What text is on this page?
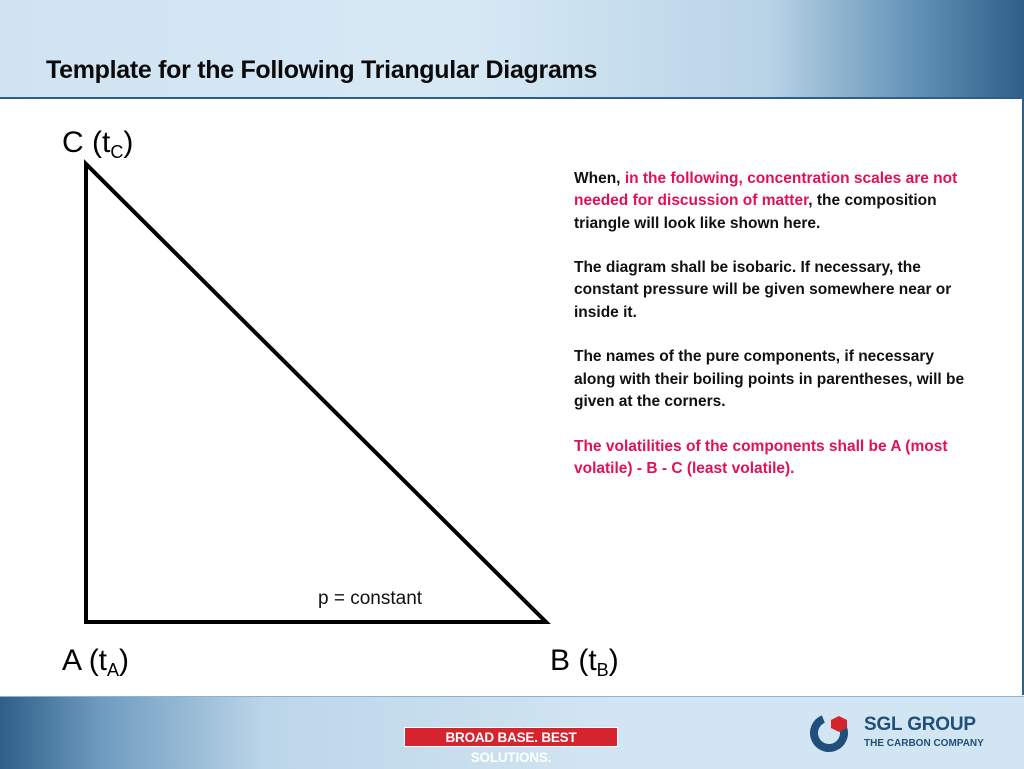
Template for the Following Triangular Diagrams
C $(t_C)$
A $(t_A)$	B $(t_B)$
p = constant

When, in the following, concentration scales are not needed for discussion of matter, the composition triangle will look like shown here.

The diagram shall be isobaric. If necessary, the constant pressure will be given somewhere near or inside it.

The names of the pure components, if necessary along with their boiling points in parentheses, will be given at the corners.

The volatilities of the components shall be A (most volatile) - B - C (least volatile).

BROAD BASE. BEST SOLUTIONS.
SGL GROUP
THE CARBON COMPANY
